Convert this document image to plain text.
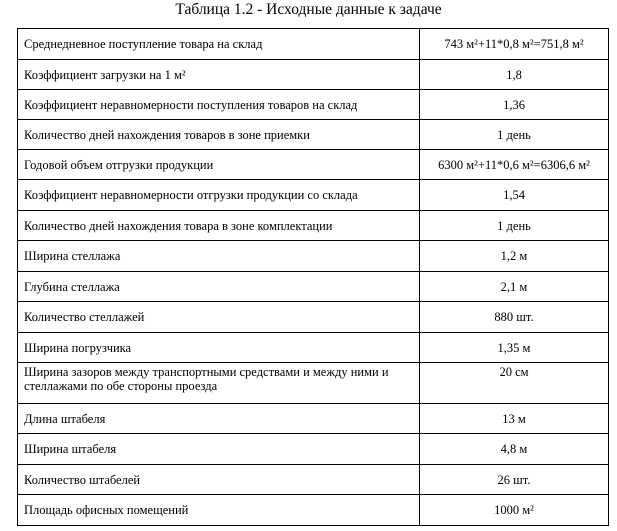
Таблица 1.2 - Исходные данные к задаче
Среднедневное поступление товара на склад	743 м²+11*0,8 м²=751,8 м²
Коэффициент загрузки на 1 м²	1,8
Коэффициент неравномерности поступления товаров на склад	1,36
Количество дней нахождения товаров в зоне приемки	1 день
Годовой объем отгрузки продукции	6300 м²+11*0,6 м²=6306,6 м²
Коэффициент неравномерности отгрузки продукции со склада	1,54
Количество дней нахождения товара в зоне комплектации	1 день
Ширина стеллажа	1,2 м
Глубина стеллажа	2,1 м
Количество стеллажей	880 шт.
Ширина погрузчика	1,35 м
Ширина зазоров между транспортными средствами и между ними и стеллажами по обе стороны проезда	20 см
Длина штабеля	13 м
Ширина штабеля	4,8 м
Количество штабелей	26 шт.
Площадь офисных помещений	1000 м²
